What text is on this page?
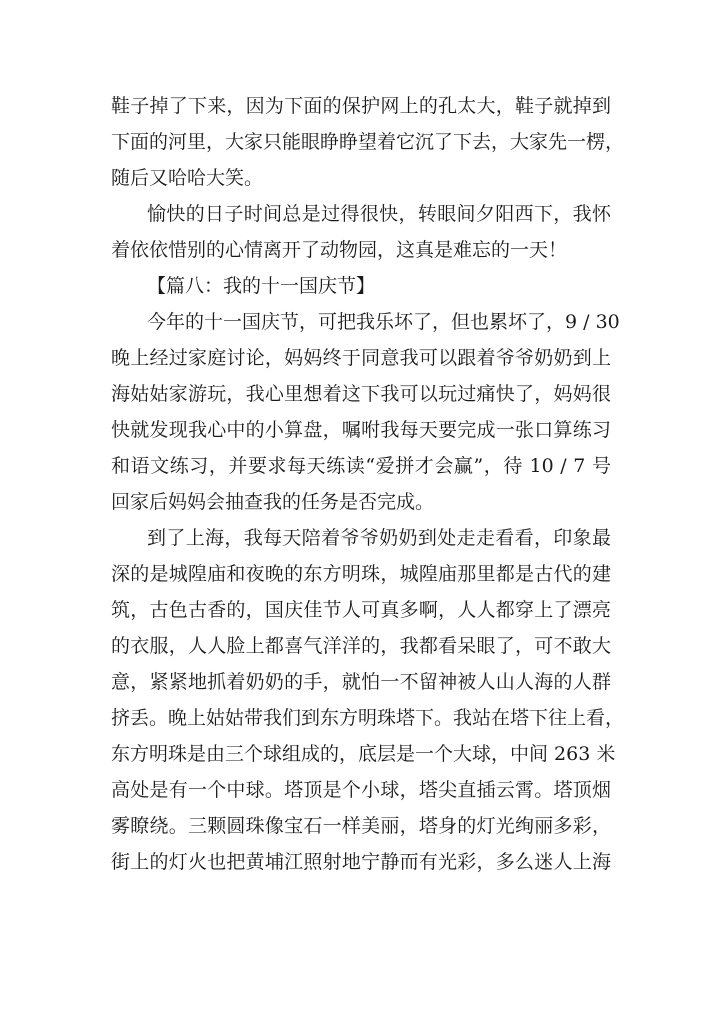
鞋子掉了下来，因为下面的保护网上的孔太大，鞋子就掉到
下面的河里，大家只能眼睁睁望着它沉了下去，大家先一楞，
随后又哈哈大笑。
愉快的日子时间总是过得很快，转眼间夕阳西下，我怀
着依依惜别的心情离开了动物园，这真是难忘的一天！
【篇八：我的十一国庆节】
今年的十一国庆节，可把我乐坏了，但也累坏了，9 / 30
晚上经过家庭讨论，妈妈终于同意我可以跟着爷爷奶奶到上
海姑姑家游玩，我心里想着这下我可以玩过痛快了，妈妈很
快就发现我心中的小算盘，嘱咐我每天要完成一张口算练习
和语文练习，并要求每天练读“爱拼才会赢”，待 10 / 7 号
回家后妈妈会抽查我的任务是否完成。
到了上海，我每天陪着爷爷奶奶到处走走看看，印象最
深的是城隍庙和夜晚的东方明珠，城隍庙那里都是古代的建
筑，古色古香的，国庆佳节人可真多啊，人人都穿上了漂亮
的衣服，人人脸上都喜气洋洋的，我都看呆眼了，可不敢大
意，紧紧地抓着奶奶的手，就怕一不留神被人山人海的人群
挤丢。晚上姑姑带我们到东方明珠塔下。我站在塔下往上看，
东方明珠是由三个球组成的，底层是一个大球，中间 263 米
高处是有一个中球。塔顶是个小球，塔尖直插云霄。塔顶烟
雾瞭绕。三颗圆珠像宝石一样美丽，塔身的灯光绚丽多彩，
街上的灯火也把黄埔江照射地宁静而有光彩，多么迷人上海
